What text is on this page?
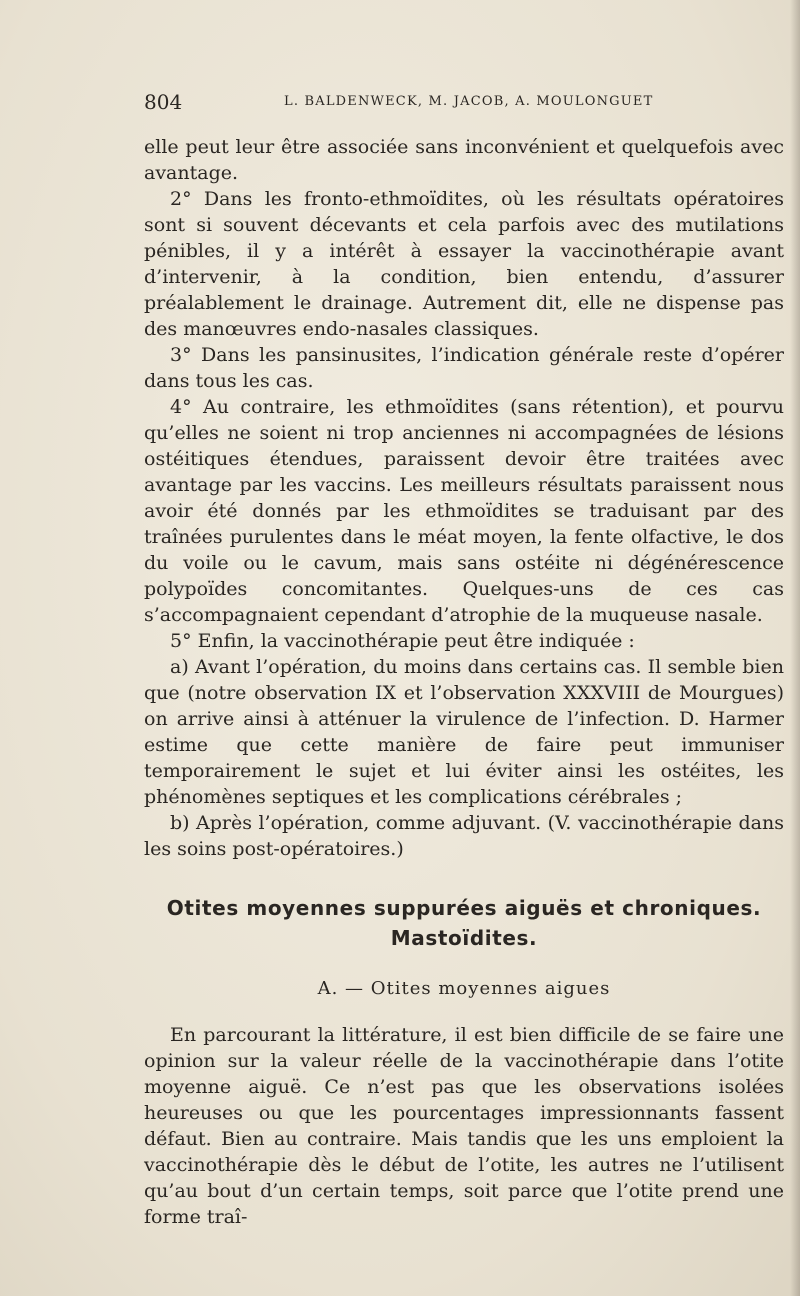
804	L. BALDENWECK, M. JACOB, A. MOULONGUET

elle peut leur être associée sans inconvénient et quelquefois avec avantage.

2° Dans les fronto-ethmoïdites, où les résultats opératoires sont si souvent décevants et cela parfois avec des mutilations pénibles, il y a intérêt à essayer la vaccinothérapie avant d’intervenir, à la condition, bien entendu, d’assurer préalablement le drainage. Autrement dit, elle ne dispense pas des manœuvres endo-nasales classiques.

3° Dans les pansinusites, l’indication générale reste d’opérer dans tous les cas.

4° Au contraire, les ethmoïdites (sans rétention), et pourvu qu’elles ne soient ni trop anciennes ni accompagnées de lésions ostéitiques étendues, paraissent devoir être traitées avec avantage par les vaccins. Les meilleurs résultats paraissent nous avoir été donnés par les ethmoïdites se traduisant par des traînées purulentes dans le méat moyen, la fente olfactive, le dos du voile ou le cavum, mais sans ostéite ni dégénérescence polypoïdes concomitantes. Quelques-uns de ces cas s’accompagnaient cependant d’atrophie de la muqueuse nasale.

5° Enfin, la vaccinothérapie peut être indiquée :

a) Avant l’opération, du moins dans certains cas. Il semble bien que (notre observation IX et l’observation XXXVIII de Mourgues) on arrive ainsi à atténuer la virulence de l’infection. D. Harmer estime que cette manière de faire peut immuniser temporairement le sujet et lui éviter ainsi les ostéites, les phénomènes septiques et les complications cérébrales ;

b) Après l’opération, comme adjuvant. (V. vaccinothérapie dans les soins post-opératoires.)

Otites moyennes suppurées aiguës et chroniques.
Mastoïdites.
A. — Otites moyennes aigues

En parcourant la littérature, il est bien difficile de se faire une opinion sur la valeur réelle de la vaccinothérapie dans l’otite moyenne aiguë. Ce n’est pas que les observations isolées heureuses ou que les pourcentages impressionnants fassent défaut. Bien au contraire. Mais tandis que les uns emploient la vaccinothérapie dès le début de l’otite, les autres ne l’utilisent qu’au bout d’un certain temps, soit parce que l’otite prend une forme traî-
